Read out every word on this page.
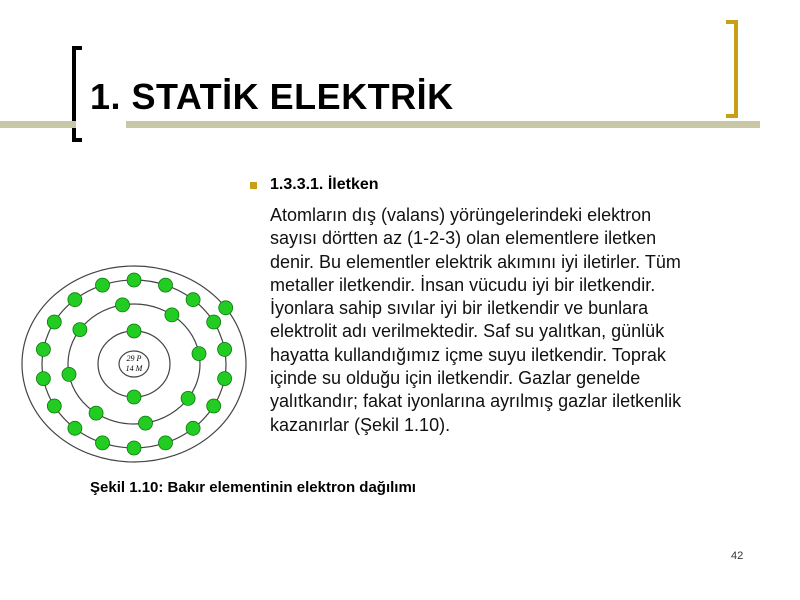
1. STATİK ELEKTRİK
1.3.3.1. İletken
Atomların dış (valans) yörüngelerindeki elektron
sayısı dörtten az (1-2-3) olan elementlere iletken
denir. Bu elementler elektrik akımını iyi iletirler. Tüm
metaller iletkendir. İnsan vücudu iyi bir iletkendir.
İyonlara sahip sıvılar iyi bir iletkendir ve bunlara
elektrolit adı verilmektedir. Saf su yalıtkan, günlük
hayatta kullandığımız içme suyu iletkendir. Toprak
içinde su olduğu için iletkendir. Gazlar genelde
yalıtkandır; fakat iyonlarına ayrılmış gazlar iletkenlik
kazanırlar (Şekil 1.10).
29 P
14 M
Şekil 1.10: Bakır elementinin elektron dağılımı
42
